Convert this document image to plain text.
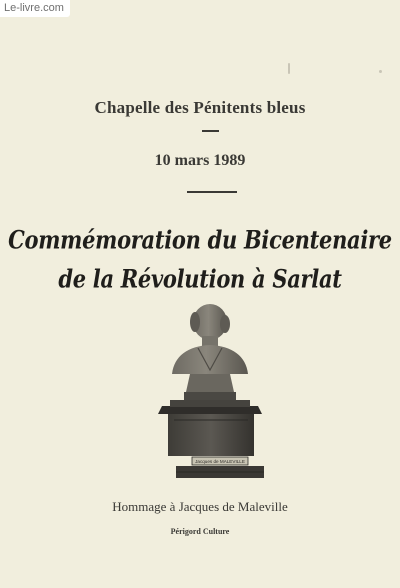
Le-livre.com
Chapelle des Pénitents bleus
10 mars 1989
Commémoration du Bicentenaire
de la Révolution à Sarlat
Jacques de MALEVILLE
Hommage à Jacques de Maleville
Périgord Culture
